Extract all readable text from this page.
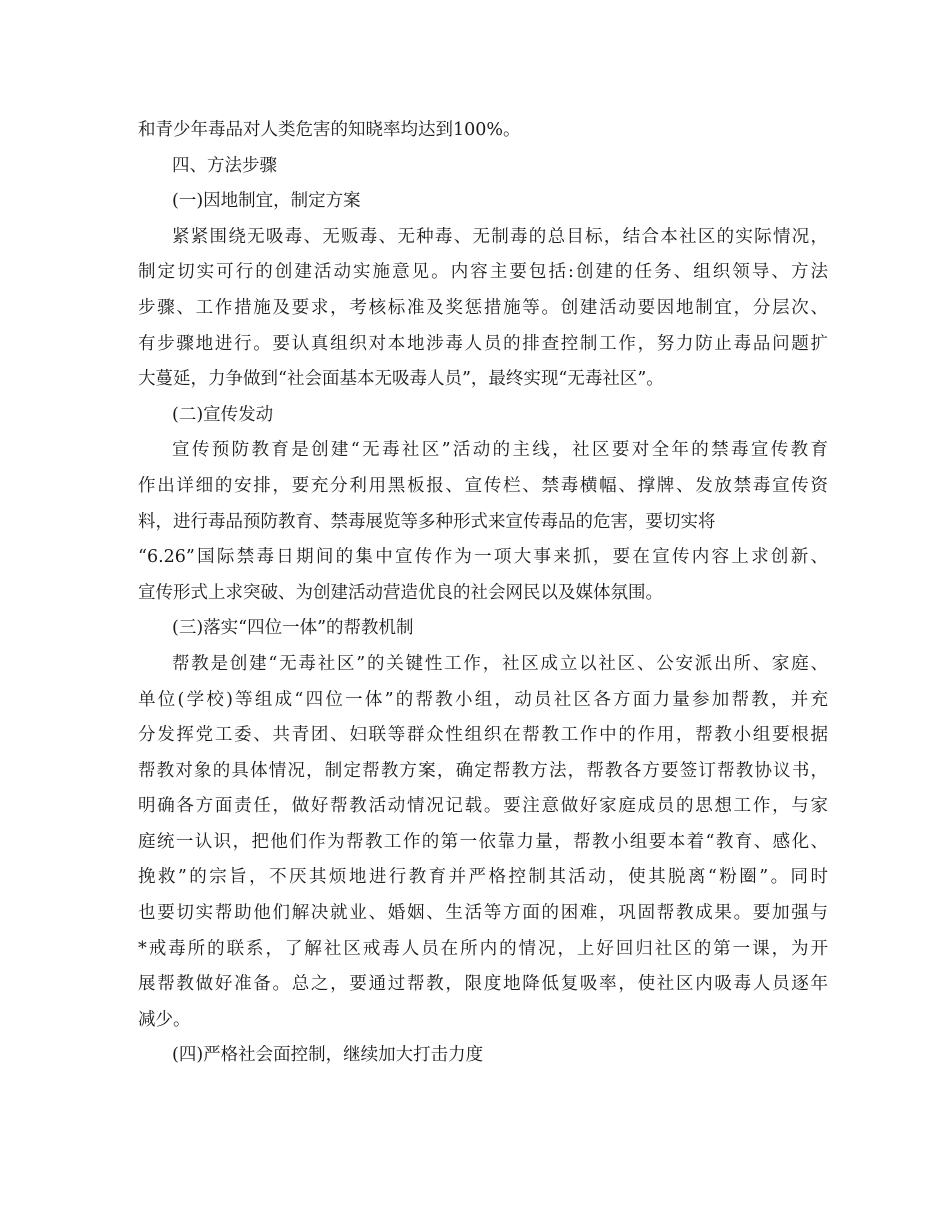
和青少年毒品对人类危害的知晓率均达到100%。
四、方法步骤
(一)因地制宜，制定方案
紧紧围绕无吸毒、无贩毒、无种毒、无制毒的总目标，结合本社区的实际情况，
制定切实可行的创建活动实施意见。内容主要包括:创建的任务、组织领导、方法
步骤、工作措施及要求，考核标准及奖惩措施等。创建活动要因地制宜，分层次、
有步骤地进行。要认真组织对本地涉毒人员的排查控制工作，努力防止毒品问题扩
大蔓延，力争做到“社会面基本无吸毒人员”，最终实现“无毒社区”。
(二)宣传发动
宣传预防教育是创建“无毒社区”活动的主线，社区要对全年的禁毒宣传教育
作出详细的安排，要充分利用黑板报、宣传栏、禁毒横幅、撑牌、发放禁毒宣传资
料，进行毒品预防教育、禁毒展览等多种形式来宣传毒品的危害，要切实将
“6.26”国际禁毒日期间的集中宣传作为一项大事来抓，要在宣传内容上求创新、
宣传形式上求突破、为创建活动营造优良的社会网民以及媒体氛围。
(三)落实“四位一体”的帮教机制
帮教是创建“无毒社区”的关键性工作，社区成立以社区、公安派出所、家庭、
单位(学校)等组成“四位一体”的帮教小组，动员社区各方面力量参加帮教，并充
分发挥党工委、共青团、妇联等群众性组织在帮教工作中的作用，帮教小组要根据
帮教对象的具体情况，制定帮教方案，确定帮教方法，帮教各方要签订帮教协议书，
明确各方面责任，做好帮教活动情况记载。要注意做好家庭成员的思想工作，与家
庭统一认识，把他们作为帮教工作的第一依靠力量，帮教小组要本着“教育、感化、
挽救”的宗旨，不厌其烦地进行教育并严格控制其活动，使其脱离“粉圈”。同时
也要切实帮助他们解决就业、婚姻、生活等方面的困难，巩固帮教成果。要加强与
*戒毒所的联系，了解社区戒毒人员在所内的情况，上好回归社区的第一课，为开
展帮教做好准备。总之，要通过帮教，限度地降低复吸率，使社区内吸毒人员逐年
减少。
(四)严格社会面控制，继续加大打击力度
